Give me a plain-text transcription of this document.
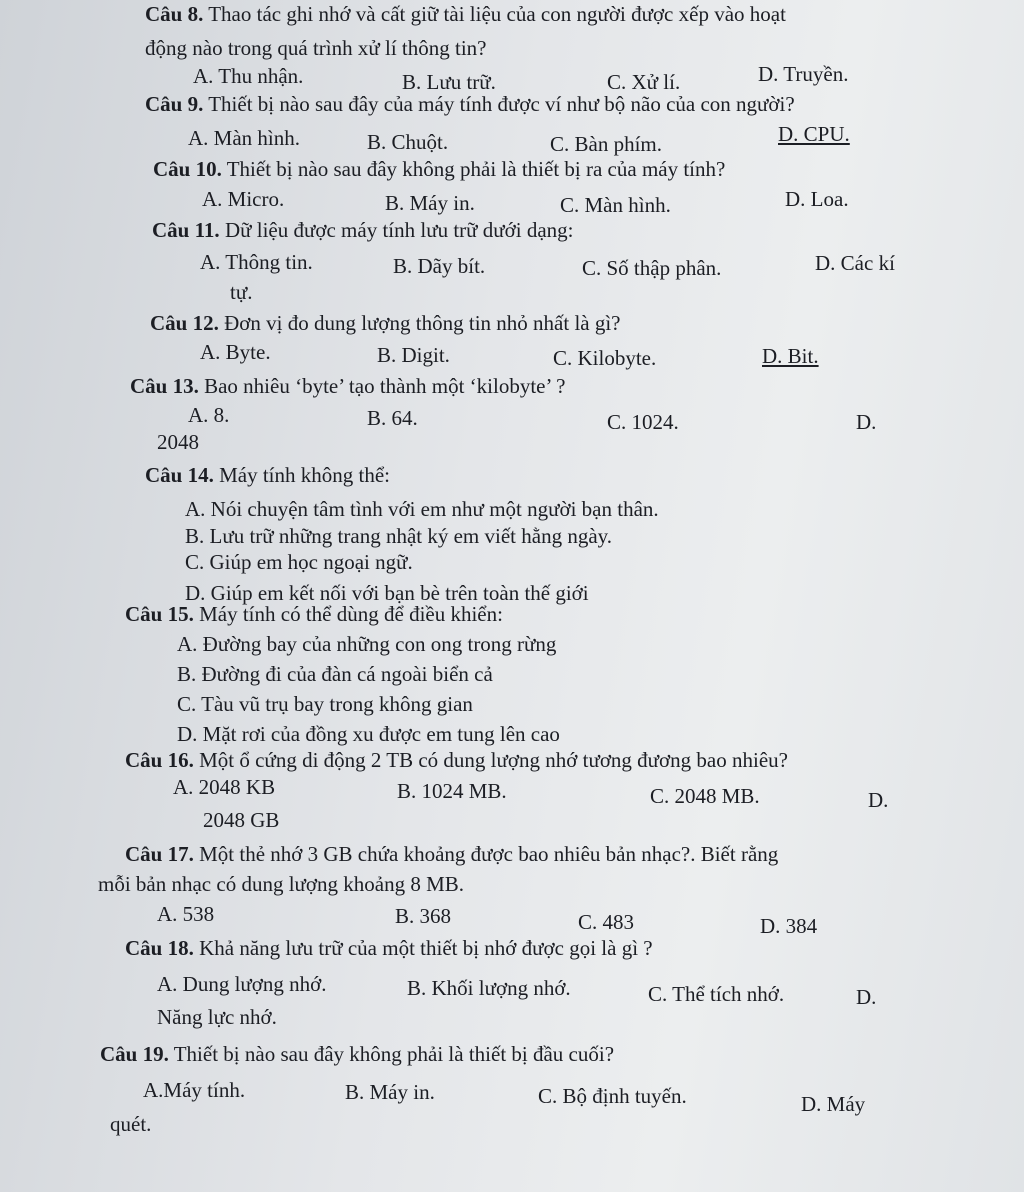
Câu 8. Thao tác ghi nhớ và cất giữ tài liệu của con người được xếp vào hoạt
động nào trong quá trình xử lí thông tin?
A. Thu nhận.	B. Lưu trữ.	C. Xử lí.	D. Truyền.
Câu 9. Thiết bị nào sau đây của máy tính được ví như bộ não của con người?
A. Màn hình.	B. Chuột.	C. Bàn phím.	D. CPU.
Câu 10. Thiết bị nào sau đây không phải là thiết bị ra của máy tính?
A. Micro.	B. Máy in.	C. Màn hình.	D. Loa.
Câu 11. Dữ liệu được máy tính lưu trữ dưới dạng:
A. Thông tin.	B. Dãy bít.	C. Số thập phân.	D. Các kí
tự.
Câu 12. Đơn vị đo dung lượng thông tin nhỏ nhất là gì?
A. Byte.	B. Digit.	C. Kilobyte.	D. Bit.
Câu 13. Bao nhiêu ‘byte’ tạo thành một ‘kilobyte’ ?
A. 8.	B. 64.	C. 1024.	D.
2048
Câu 14. Máy tính không thể:
A. Nói chuyện tâm tình với em như một người bạn thân.
B. Lưu trữ những trang nhật ký em viết hằng ngày.
C. Giúp em học ngoại ngữ.
D. Giúp em kết nối với bạn bè trên toàn thế giới
Câu 15. Máy tính có thể dùng để điều khiển:
A. Đường bay của những con ong trong rừng
B. Đường đi của đàn cá ngoài biển cả
C. Tàu vũ trụ bay trong không gian
D. Mặt rơi của đồng xu được em tung lên cao
Câu 16. Một ổ cứng di động 2 TB có dung lượng nhớ tương đương bao nhiêu?
A. 2048 KB	B. 1024 MB.	C. 2048 MB.	D.
2048 GB
Câu 17. Một thẻ nhớ 3 GB chứa khoảng được bao nhiêu bản nhạc?. Biết rằng
mỗi bản nhạc có dung lượng khoảng 8 MB.
A. 538	B. 368	C. 483	D. 384
Câu 18. Khả năng lưu trữ của một thiết bị nhớ được gọi là gì ?
A. Dung lượng nhớ.	B. Khối lượng nhớ.	C. Thể tích nhớ.	D.
Năng lực nhớ.
Câu 19. Thiết bị nào sau đây không phải là thiết bị đầu cuối?
A.Máy tính.	B. Máy in.	C. Bộ định tuyến.	D. Máy
quét.
